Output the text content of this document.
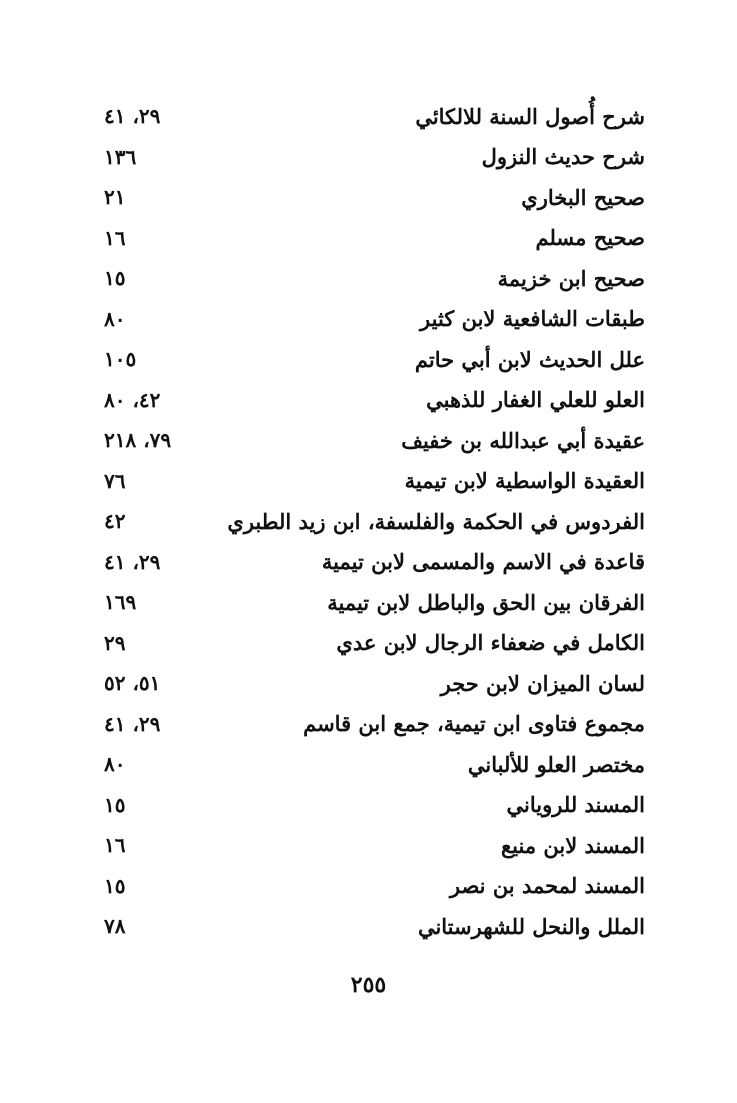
شرح أُصول السنة للالكائي
٢٩، ٤١
شرح حديث النزول
١٣٦
صحيح البخاري
٢١
صحيح مسلم
١٦
صحيح ابن خزيمة
١٥
طبقات الشافعية لابن كثير
٨٠
علل الحديث لابن أبي حاتم
١٠٥
العلو للعلي الغفار للذهبي
٤٢، ٨٠
عقيدة أبي عبدالله بن خفيف
٧٩، ٢١٨
العقيدة الواسطية لابن تيمية
٧٦
الفردوس في الحكمة والفلسفة، ابن زيد الطبري
٤٢
قاعدة في الاسم والمسمى لابن تيمية
٢٩، ٤١
الفرقان بين الحق والباطل لابن تيمية
١٦٩
الكامل في ضعفاء الرجال لابن عدي
٢٩
لسان الميزان لابن حجر
٥١، ٥٢
مجموع فتاوى ابن تيمية، جمع ابن قاسم
٢٩، ٤١
مختصر العلو للألباني
٨٠
المسند للروياني
١٥
المسند لابن منيع
١٦
المسند لمحمد بن نصر
١٥
الملل والنحل للشهرستاني
٧٨
٢٥٥
